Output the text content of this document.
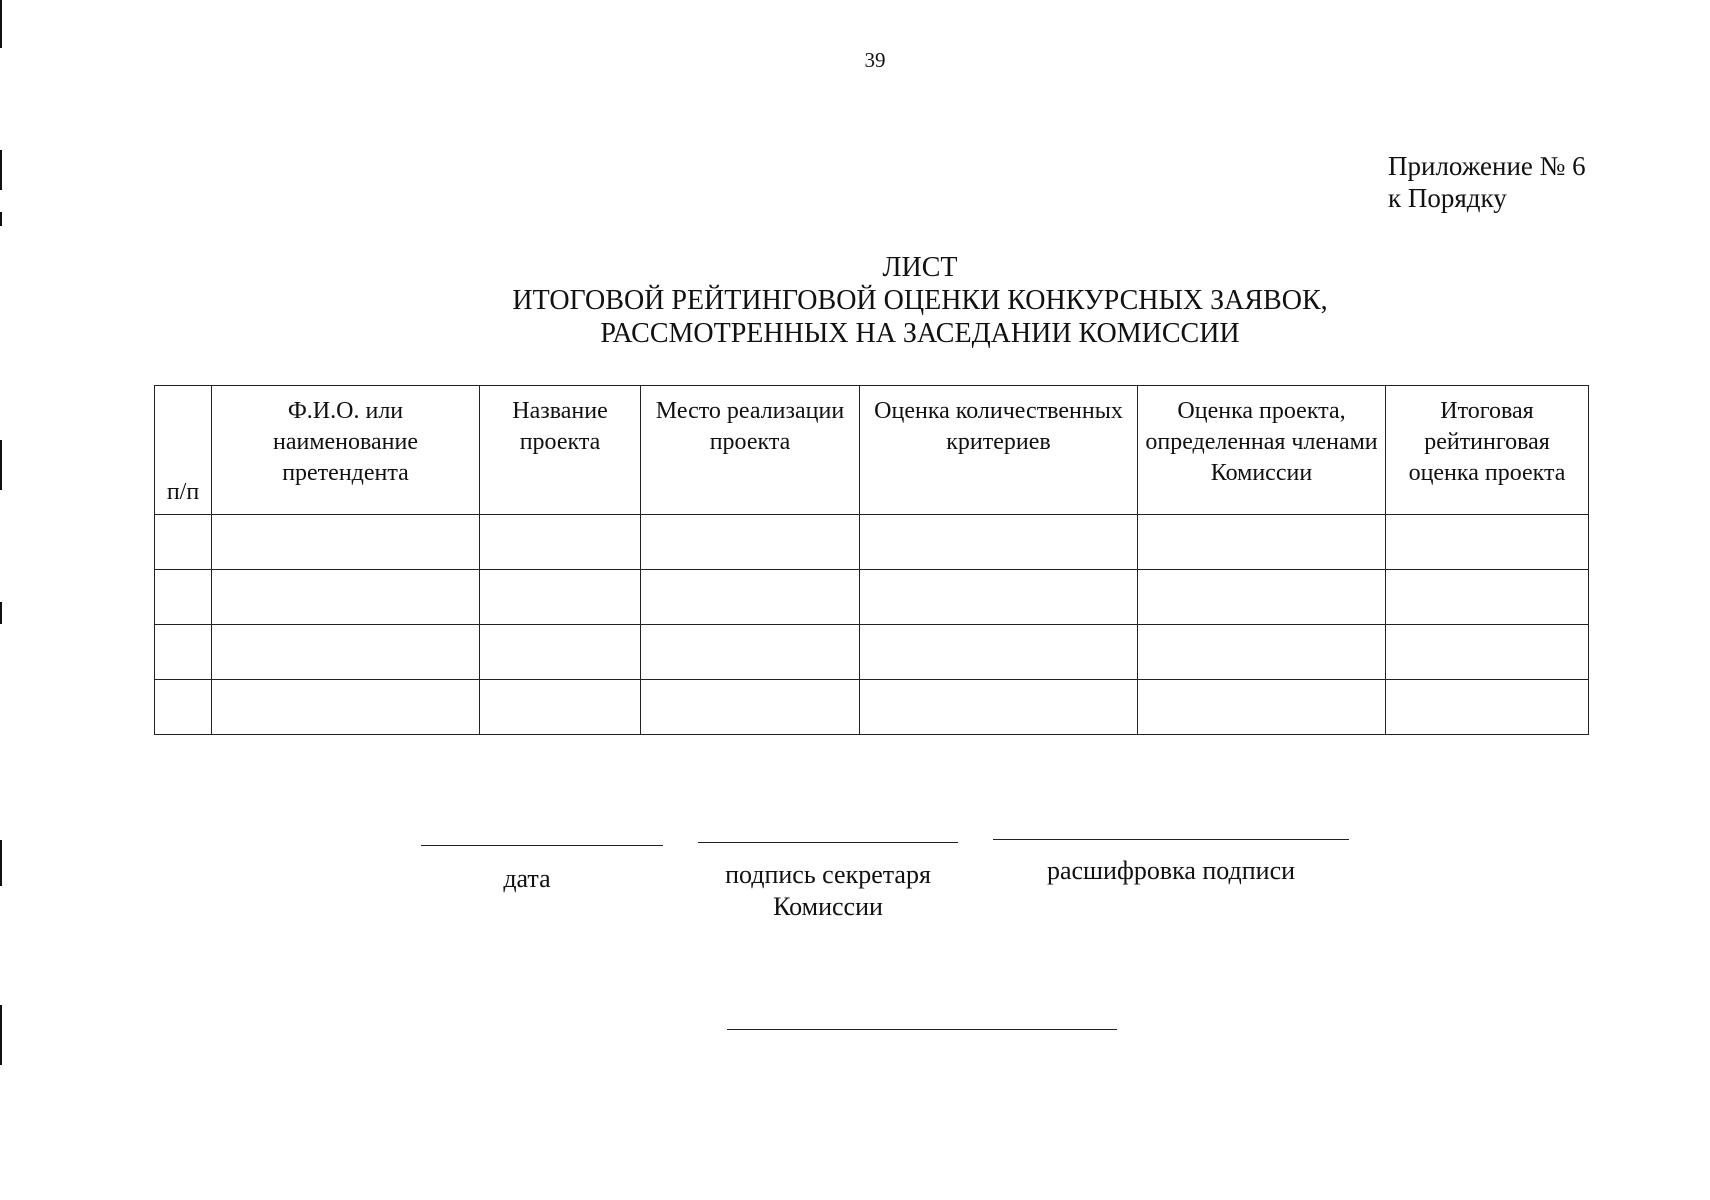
39
Приложение № 6
к Порядку
ЛИСТ
ИТОГОВОЙ РЕЙТИНГОВОЙ ОЦЕНКИ КОНКУРСНЫХ ЗАЯВОК,
РАССМОТРЕННЫХ НА ЗАСЕДАНИИ КОМИССИИ
п/п	Ф.И.О. или наименование претендента	Название проекта	Место реализации проекта	Оценка количественных критериев	Оценка проекта, определенная членами Комиссии	Итоговая рейтинговая оценка проекта

дата	подпись секретаря
Комиссии
расшифровка подписи
